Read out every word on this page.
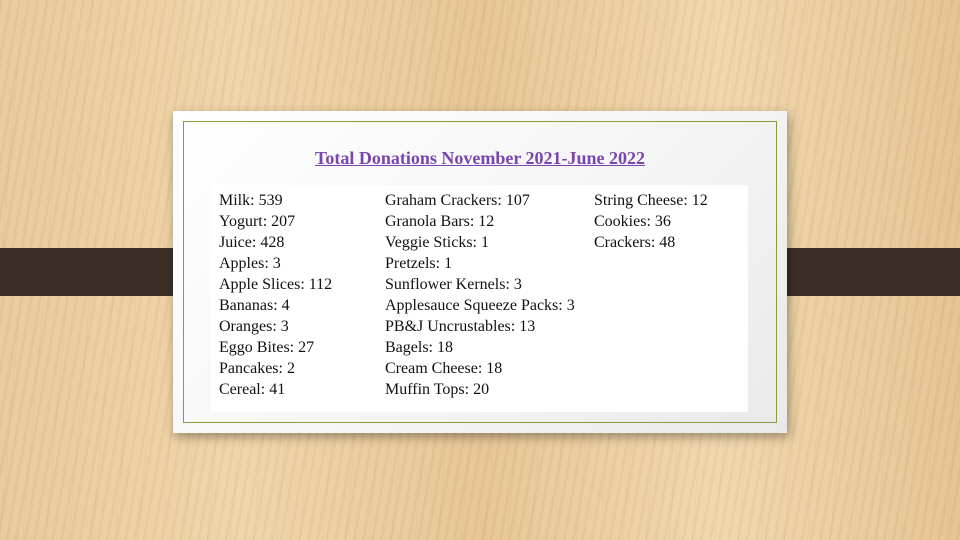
Total Donations November 2021-June 2022
Milk: 539
Yogurt: 207
Juice: 428
Apples: 3
Apple Slices: 112
Bananas: 4
Oranges: 3
Eggo Bites: 27
Pancakes: 2
Cereal: 41
Graham Crackers: 107
Granola Bars: 12
Veggie Sticks: 1
Pretzels: 1
Sunflower Kernels: 3
Applesauce Squeeze Packs: 3
PB&J Uncrustables: 13
Bagels: 18
Cream Cheese: 18
Muffin Tops: 20
String Cheese: 12
Cookies: 36
Crackers: 48
